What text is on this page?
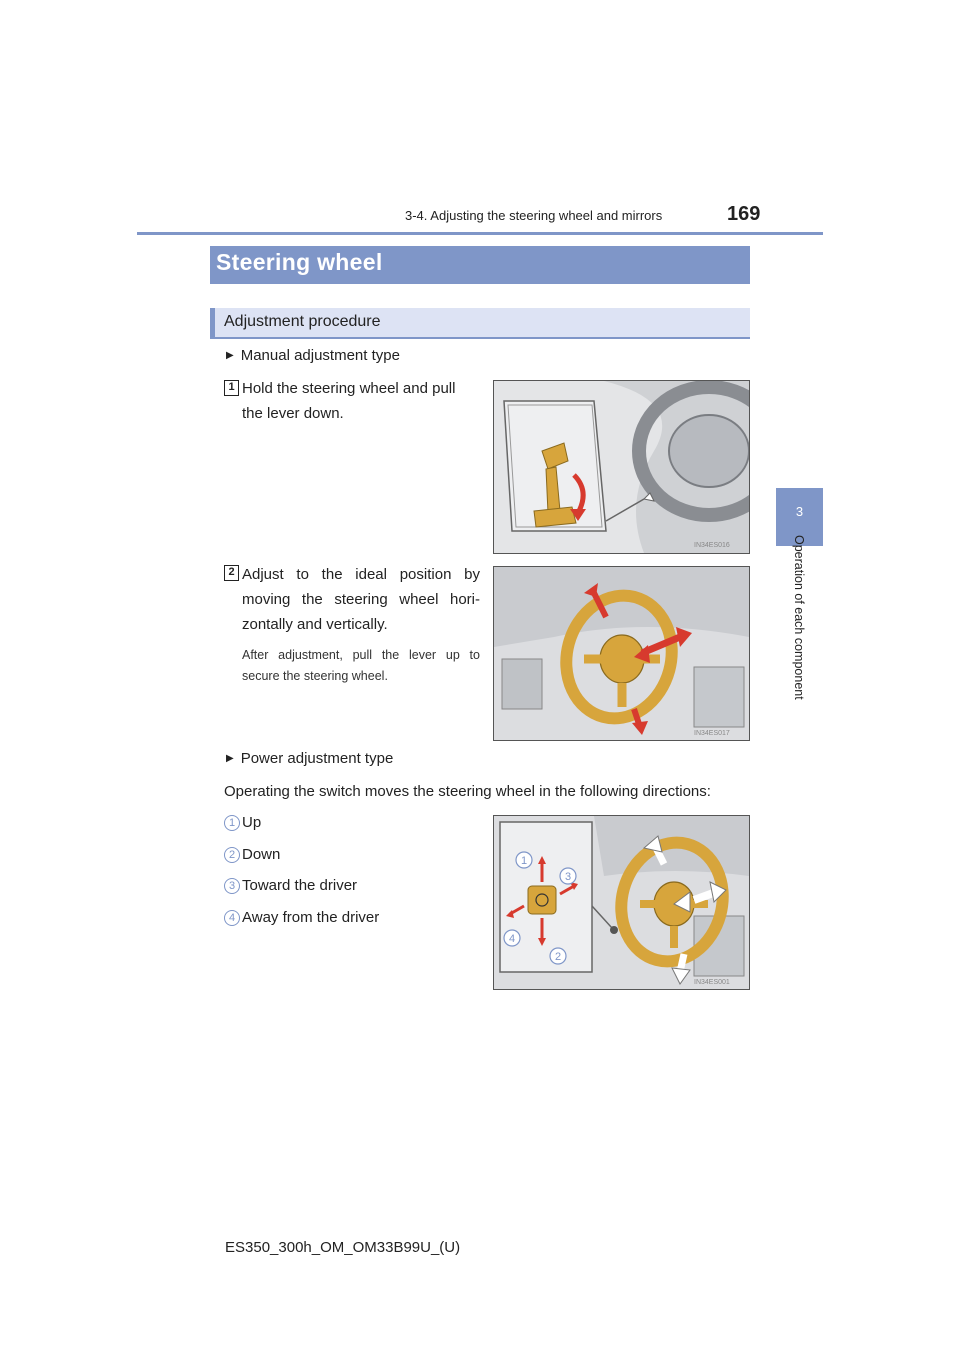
3-4. Adjusting the steering wheel and mirrors	169
3
Operation of each component
Steering wheel
Adjustment procedure
▶ Manual adjustment type
1 Hold the steering wheel and pull
the lever down.
2 Adjust to the ideal position by
moving the steering wheel hori-
zontally and vertically.
After adjustment, pull the lever up to
secure the steering wheel.
IN34ES016
IN34ES017
▶ Power adjustment type
Operating the switch moves the steering wheel in the following directions:
1 Up
2 Down
3 Toward the driver
4 Away from the driver
1
2
3
4
IN34ES001
ES350_300h_OM_OM33B99U_(U)
